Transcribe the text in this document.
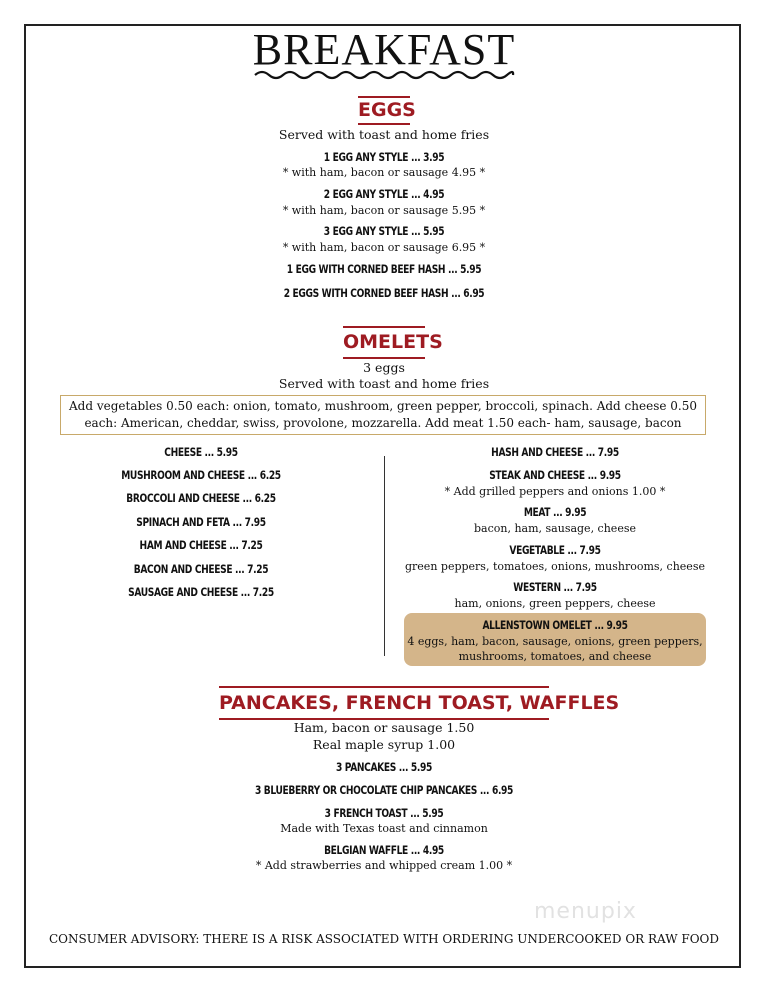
BREAKFAST
EGGS
Served with toast and home fries
1 EGG ANY STYLE ... 3.95
* with ham, bacon or sausage 4.95 *
2 EGG ANY STYLE ... 4.95
* with ham, bacon or sausage 5.95 *
3 EGG ANY STYLE ... 5.95
* with ham, bacon or sausage 6.95 *
1 EGG WITH CORNED BEEF HASH ... 5.95
2 EGGS WITH CORNED BEEF HASH ... 6.95
OMELETS
3 eggs
Served with toast and home fries
Add vegetables 0.50 each: onion, tomato, mushroom, green pepper, broccoli, spinach. Add cheese 0.50
each: American, cheddar, swiss, provolone, mozzarella. Add meat 1.50 each- ham, sausage, bacon
CHEESE ... 5.95
MUSHROOM AND CHEESE ... 6.25
BROCCOLI AND CHEESE ... 6.25
SPINACH AND FETA ... 7.95
HAM AND CHEESE ... 7.25
BACON AND CHEESE ... 7.25
SAUSAGE AND CHEESE ... 7.25
HASH AND CHEESE ... 7.95
STEAK AND CHEESE ... 9.95
* Add grilled peppers and onions 1.00 *
MEAT ... 9.95
bacon, ham, sausage, cheese
VEGETABLE ... 7.95
green peppers, tomatoes, onions, mushrooms, cheese
WESTERN ... 7.95
ham, onions, green peppers, cheese
ALLENSTOWN OMELET ... 9.95
4 eggs, ham, bacon, sausage, onions, green peppers,
mushrooms, tomatoes, and cheese
PANCAKES, FRENCH TOAST, WAFFLES
Ham, bacon or sausage 1.50
Real maple syrup 1.00
3 PANCAKES ... 5.95
3 BLUEBERRY OR CHOCOLATE CHIP PANCAKES ... 6.95
3 FRENCH TOAST ... 5.95
Made with Texas toast and cinnamon
BELGIAN WAFFLE ... 4.95
* Add strawberries and whipped cream 1.00 *
menupix
CONSUMER ADVISORY: THERE IS A RISK ASSOCIATED WITH ORDERING UNDERCOOKED OR RAW FOOD
